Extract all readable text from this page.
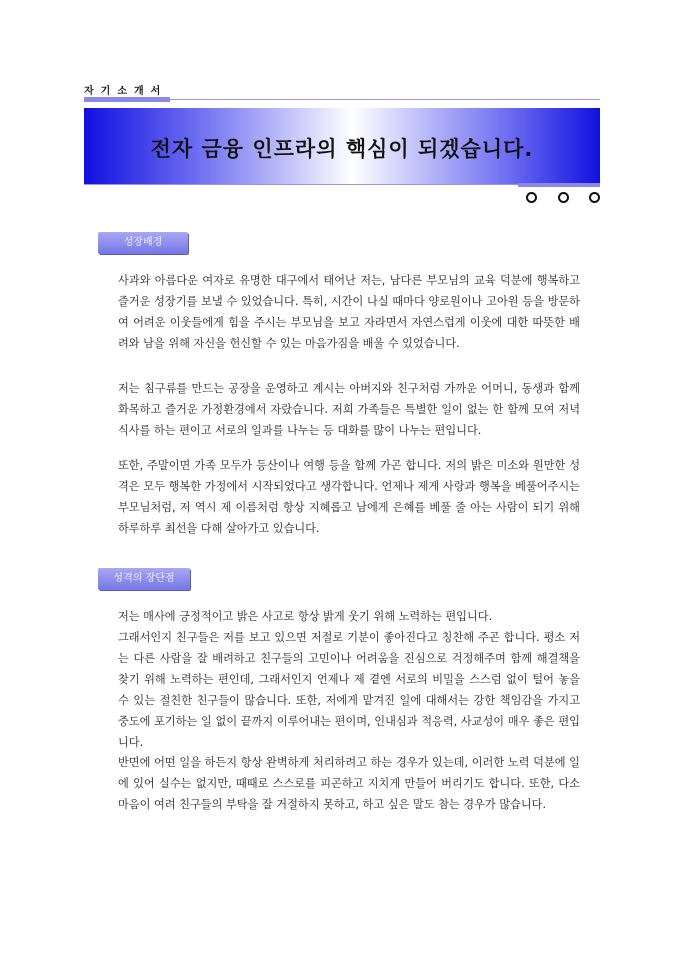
자기소개서
전자 금융 인프라의 핵심이 되겠습니다.
성장배경

사과와 아름다운 여자로 유명한 대구에서 태어난 저는, 남다른 부모님의 교육 덕분에 행복하고 즐거운 성장기를 보낼 수 있었습니다. 특히, 시간이 나실 때마다 양로원이나 고아원 등을 방문하여 어려운 이웃들에게 힘을 주시는 부모님을 보고 자라면서 자연스럽게 이웃에 대한 따뜻한 배려와 남을 위해 자신을 헌신할 수 있는 마음가짐을 배울 수 있었습니다.

저는 침구류를 만드는 공장을 운영하고 계시는 아버지와 친구처럼 가까운 어머니, 동생과 함께 화목하고 즐거운 가정환경에서 자랐습니다. 저희 가족들은 특별한 일이 없는 한 함께 모여 저녁식사를 하는 편이고 서로의 일과를 나누는 등 대화를 많이 나누는 편입니다.

또한, 주말이면 가족 모두가 등산이나 여행 등을 함께 가곤 합니다. 저의 밝은 미소와 원만한 성격은 모두 행복한 가정에서 시작되었다고 생각합니다. 언제나 제게 사랑과 행복을 베풀어주시는 부모님처럼, 저 역시 제 이름처럼 항상 지혜롭고 남에게 은혜를 베풀 줄 아는 사람이 되기 위해 하루하루 최선을 다해 살아가고 있습니다.

성격의 장단점

저는 매사에 긍정적이고 밝은 사고로 항상 밝게 웃기 위해 노력하는 편입니다.

그래서인지 친구들은 저를 보고 있으면 저절로 기분이 좋아진다고 칭찬해 주곤 합니다. 평소 저는 다른 사람을 잘 배려하고 친구들의 고민이나 어려움을 진심으로 걱정해주며 함께 해결책을 찾기 위해 노력하는 편인데, 그래서인지 언제나 제 곁엔 서로의 비밀을 스스럼 없이 털어 놓을 수 있는 절친한 친구들이 많습니다. 또한, 저에게 맡겨진 일에 대해서는 강한 책임감을 가지고 중도에 포기하는 일 없이 끝까지 이루어내는 편이며, 인내심과 적응력, 사교성이 매우 좋은 편입니다.

반면에 어떤 일을 하든지 항상 완벽하게 처리하려고 하는 경우가 있는데, 이러한 노력 덕분에 일에 있어 실수는 없지만, 때때로 스스로를 피곤하고 지치게 만들어 버리기도 합니다. 또한, 다소 마음이 여려 친구들의 부탁을 잘 거절하지 못하고, 하고 싶은 말도 참는 경우가 많습니다.
